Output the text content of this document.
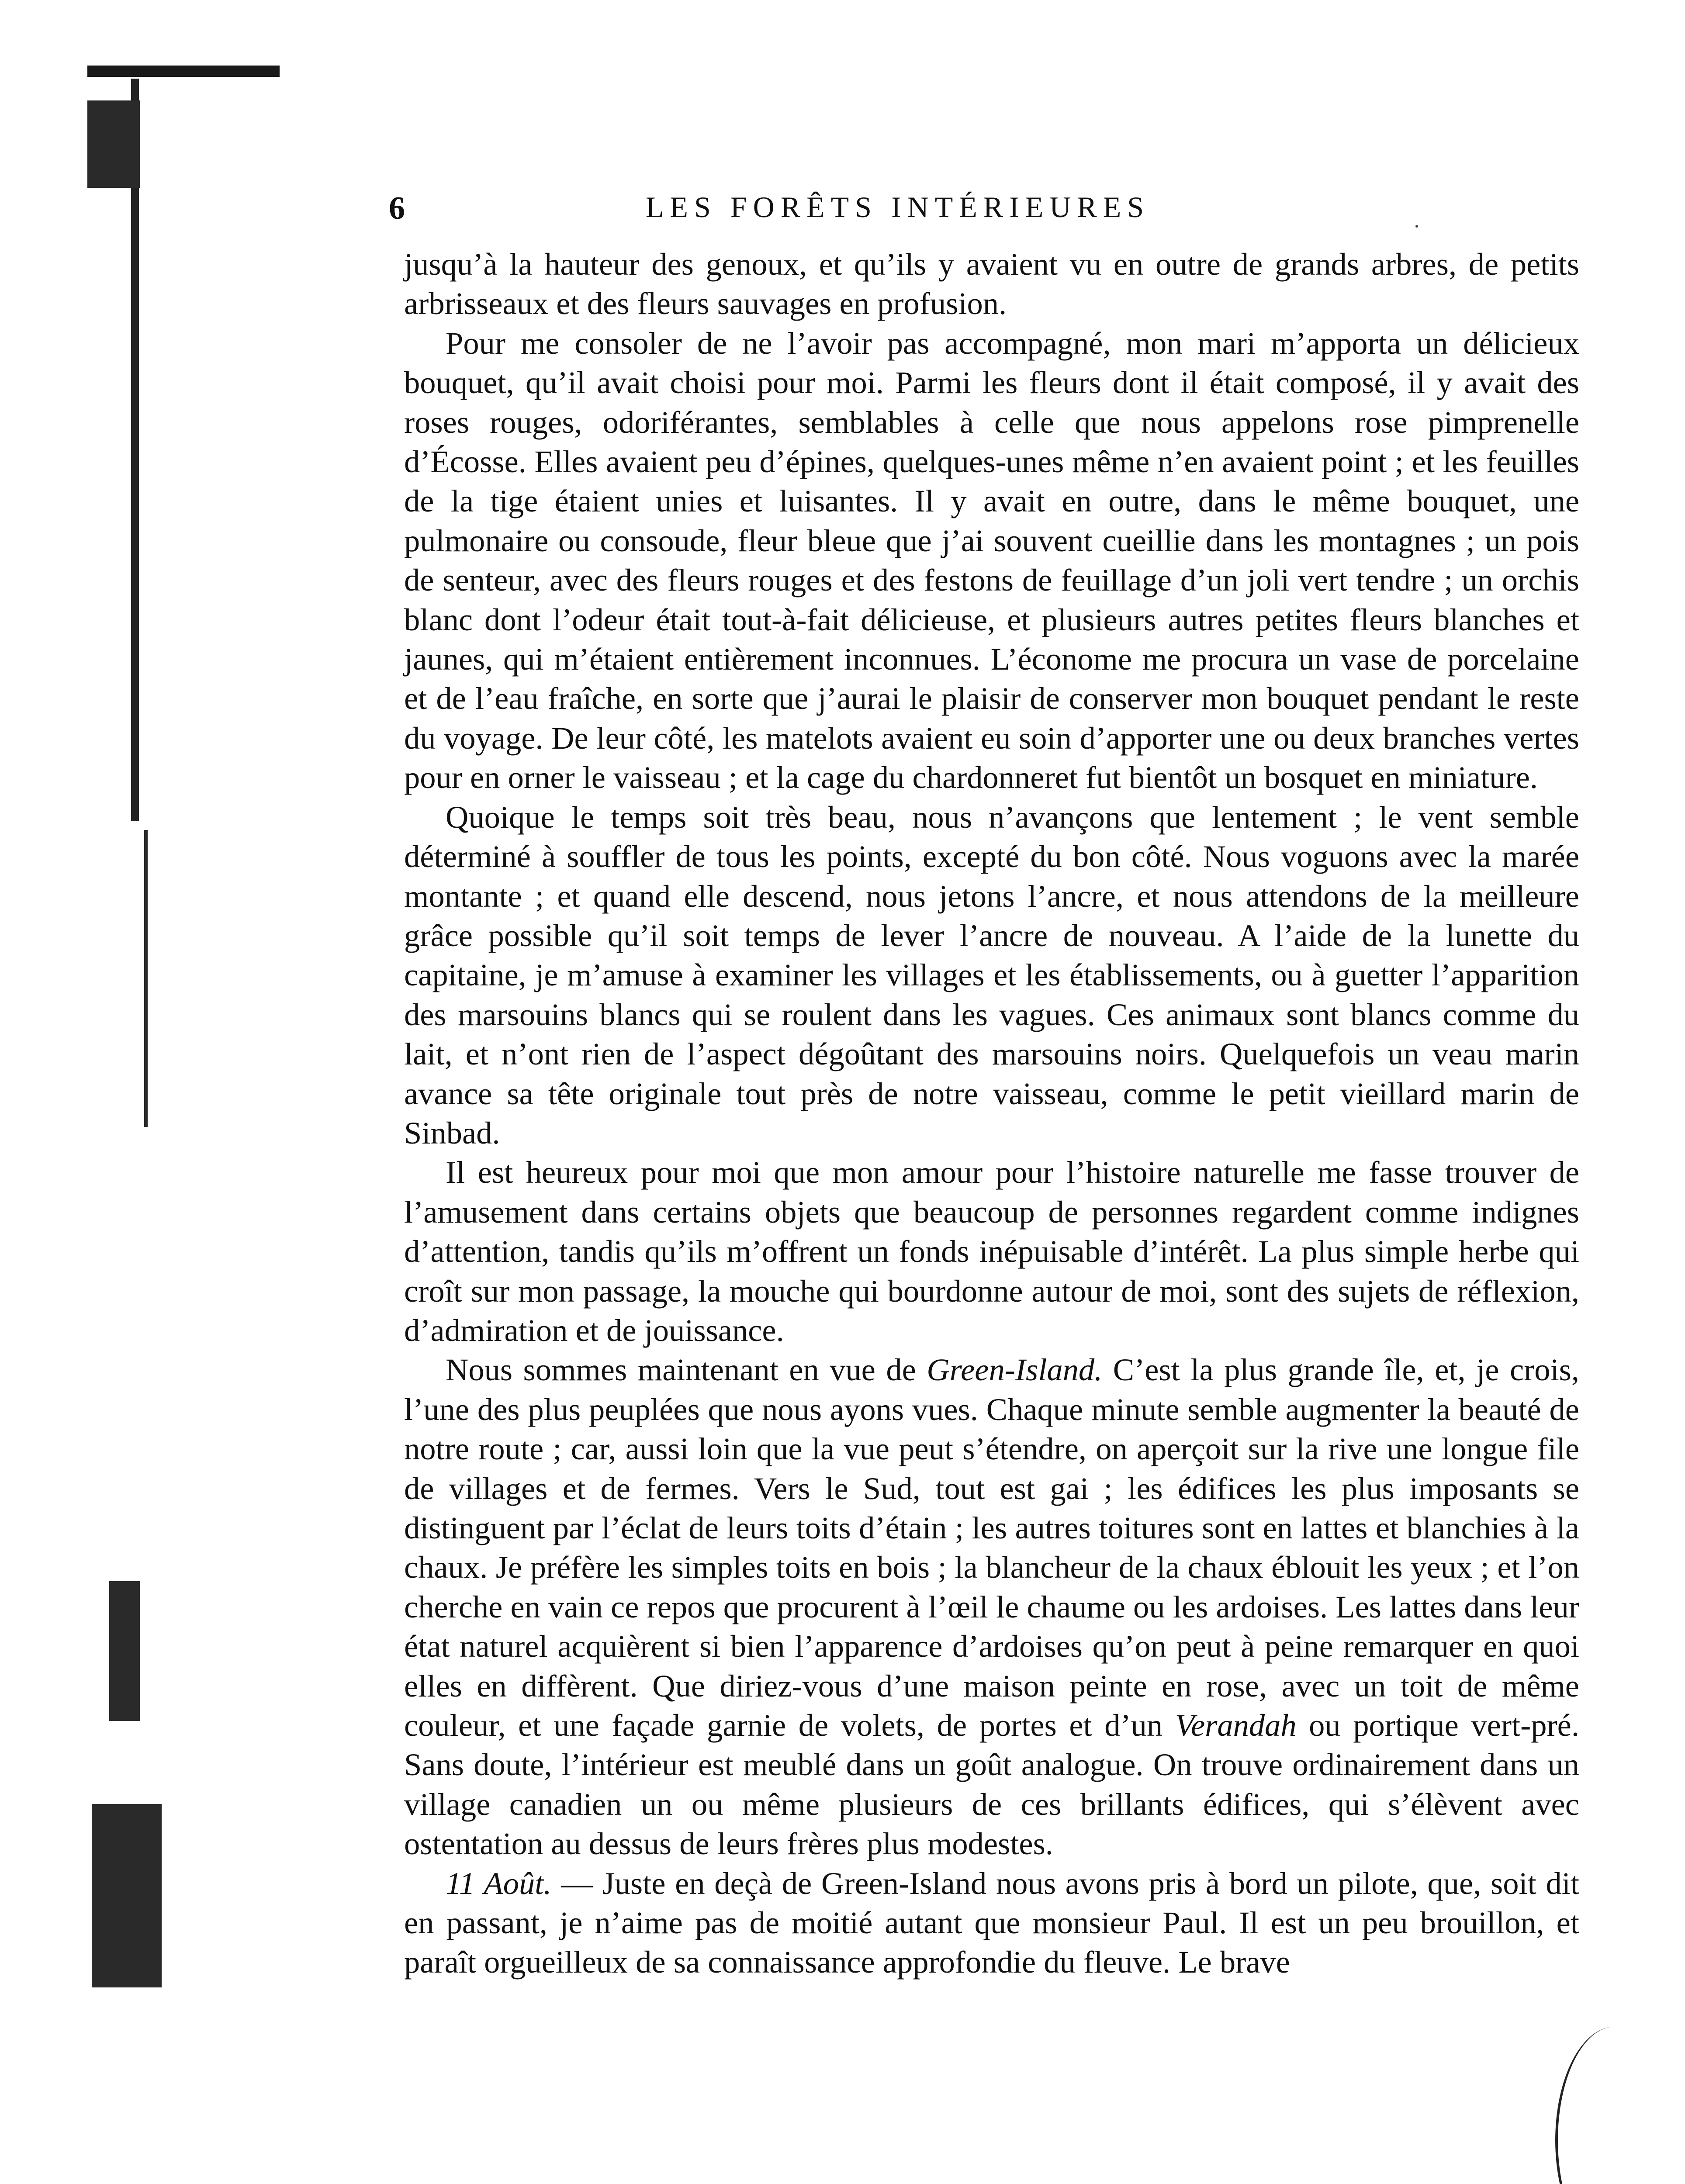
6	LES FORÊTS INTÉRIEURES

jusqu’à la hauteur des genoux, et qu’ils y avaient vu en outre de grands arbres, de petits arbrisseaux et des fleurs sauvages en profusion.

Pour me consoler de ne l’avoir pas accompagné, mon mari m’apporta un délicieux bouquet, qu’il avait choisi pour moi. Parmi les fleurs dont il était composé, il y avait des roses rouges, odoriférantes, semblables à celle que nous appelons rose pimprenelle d’Écosse. Elles avaient peu d’épines, quelques-unes même n’en avaient point ; et les feuilles de la tige étaient unies et luisantes. Il y avait en outre, dans le même bouquet, une pulmonaire ou consoude, fleur bleue que j’ai souvent cueillie dans les montagnes ; un pois de senteur, avec des fleurs rouges et des festons de feuillage d’un joli vert tendre ; un orchis blanc dont l’odeur était tout-à-fait délicieuse, et plusieurs autres petites fleurs blanches et jaunes, qui m’étaient entièrement inconnues. L’économe me procura un vase de porcelaine et de l’eau fraîche, en sorte que j’aurai le plaisir de conserver mon bouquet pendant le reste du voyage. De leur côté, les matelots avaient eu soin d’apporter une ou deux branches vertes pour en orner le vaisseau ; et la cage du chardonneret fut bientôt un bosquet en miniature.

Quoique le temps soit très beau, nous n’avançons que lentement ; le vent semble déterminé à souffler de tous les points, excepté du bon côté. Nous voguons avec la marée montante ; et quand elle descend, nous jetons l’ancre, et nous attendons de la meilleure grâce possible qu’il soit temps de lever l’ancre de nouveau. A l’aide de la lunette du capitaine, je m’amuse à examiner les villages et les établissements, ou à guetter l’apparition des marsouins blancs qui se roulent dans les vagues. Ces animaux sont blancs comme du lait, et n’ont rien de l’aspect dégoûtant des marsouins noirs. Quelquefois un veau marin avance sa tête originale tout près de notre vaisseau, comme le petit vieillard marin de Sinbad.

Il est heureux pour moi que mon amour pour l’histoire naturelle me fasse trouver de l’amusement dans certains objets que beaucoup de personnes regardent comme indignes d’attention, tandis qu’ils m’offrent un fonds inépuisable d’intérêt. La plus simple herbe qui croît sur mon passage, la mouche qui bourdonne autour de moi, sont des sujets de réflexion, d’admiration et de jouissance.

Nous sommes maintenant en vue de Green-Island. C’est la plus grande île, et, je crois, l’une des plus peuplées que nous ayons vues. Chaque minute semble augmenter la beauté de notre route ; car, aussi loin que la vue peut s’étendre, on aperçoit sur la rive une longue file de villages et de fermes. Vers le Sud, tout est gai ; les édifices les plus imposants se distinguent par l’éclat de leurs toits d’étain ; les autres toitures sont en lattes et blanchies à la chaux. Je préfère les simples toits en bois ; la blancheur de la chaux éblouit les yeux ; et l’on cherche en vain ce repos que procurent à l’œil le chaume ou les ardoises. Les lattes dans leur état naturel acquièrent si bien l’apparence d’ardoises qu’on peut à peine remarquer en quoi elles en diffèrent. Que diriez-vous d’une maison peinte en rose, avec un toit de même couleur, et une façade garnie de volets, de portes et d’un Verandah ou portique vert-pré. Sans doute, l’intérieur est meublé dans un goût analogue. On trouve ordinairement dans un village canadien un ou même plusieurs de ces brillants édifices, qui s’élèvent avec ostentation au dessus de leurs frères plus modestes.

11 Août. — Juste en deçà de Green-Island nous avons pris à bord un pilote, que, soit dit en passant, je n’aime pas de moitié autant que monsieur Paul. Il est un peu brouillon, et paraît orgueilleux de sa connaissance approfondie du fleuve. Le brave
